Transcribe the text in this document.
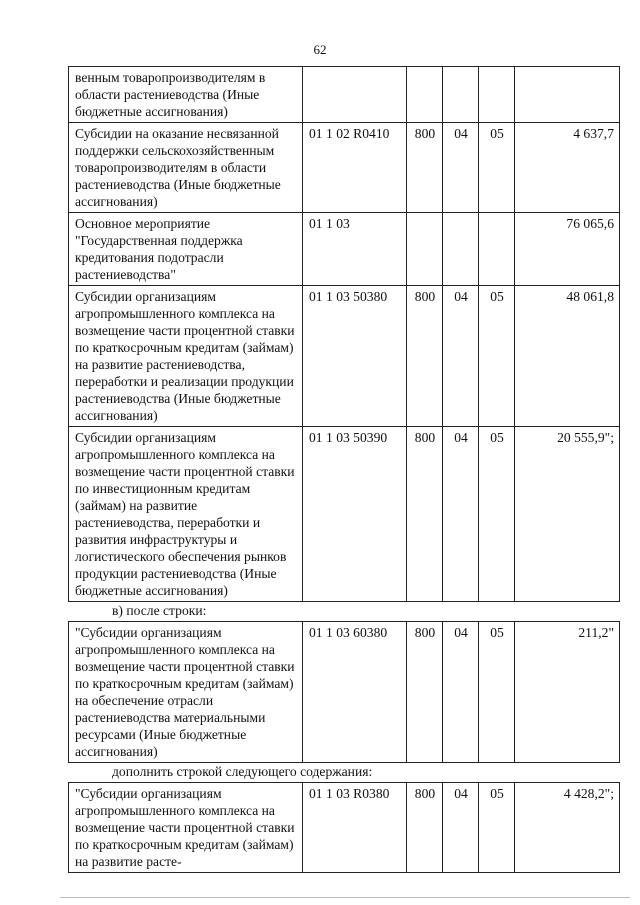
62
венным товаропроизводителям в области растениеводства (Иные бюджетные ассигнования)					
Субсидии на оказание несвязанной поддержки сельскохозяйственным товаропроизводителям в области растениеводства (Иные бюджетные ассигнования)	01 1 02 R0410	800	04	05	4 637,7
Основное мероприятие "Государственная поддержка кредитования подотрасли растениеводства"	01 1 03				76 065,6
Субсидии организациям агропромышленного комплекса на возмещение части процентной ставки по краткосрочным кредитам (займам) на развитие растениеводства, переработки и реализации продукции растениеводства (Иные бюджетные ассигнования)	01 1 03 50380	800	04	05	48 061,8
Субсидии организациям агропромышленного комплекса на возмещение части процентной ставки по инвестиционным кредитам (займам) на развитие растениеводства, переработки и развития инфраструктуры и логистического обеспечения рынков продукции растениеводства (Иные бюджетные ассигнования)	01 1 03 50390	800	04	05	20 555,9";
в) после строки:
"Субсидии организациям агропромышленного комплекса на возмещение части процентной ставки по краткосрочным кредитам (займам) на обеспечение отрасли растениеводства материальными ресурсами (Иные бюджетные ассигнования)	01 1 03 60380	800	04	05	211,2"
дополнить строкой следующего содержания:
"Субсидии организациям агропромышленного комплекса на возмещение части процентной ставки по краткосрочным кредитам (займам) на развитие расте-	01 1 03 R0380	800	04	05	4 428,2";
